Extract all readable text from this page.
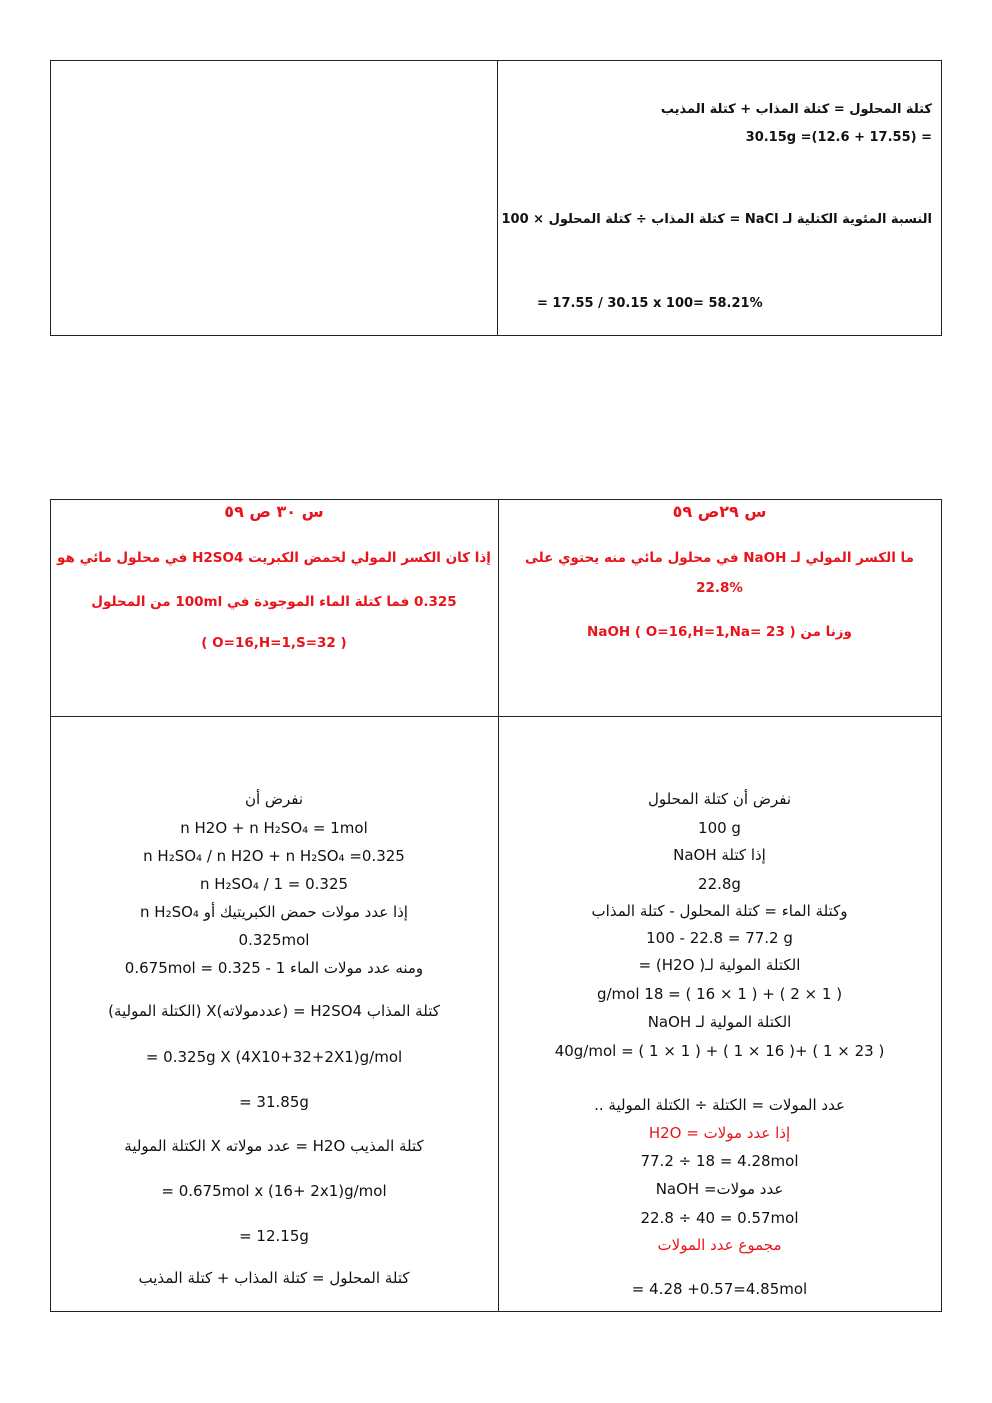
كتلة المحلول = كتلة المذاب + كتلة المذيب
= (17.55 + 12.6)= 30.15g
النسبة المئوية الكتلية لـ NaCl = كتلة المذاب ÷ كتلة المحلول × 100
= 17.55 / 30.15 x 100= 58.21%
س ٢٩ص ٥٩
ما الكسر المولي لـ NaOH في محلول مائي منه يحتوي على
22.8%
وزنا من NaOH ( O=16,H=1,Na= 23 )
س ٣٠ ص ٥٩
إذا كان الكسر المولي لحمض الكبريت H2SO4 في محلول مائي هو
0.325 فما كتلة الماء الموجودة في 100ml من المحلول
( O=16,H=1,S=32 )
نفرض أن كتلة المحلول
100 g
إذا كتلة NaOH
22.8g
وكتلة الماء = كتلة المحلول - كتلة المذاب
100 - 22.8 = 77.2 g
الكتلة المولية لـ( H2O) =
( 1 × 2 ) + ( 1 × 16 ) = 18 g/mol
الكتلة المولية لـ NaOH
( 23 × 1 ) +( 16 × 1 ) + ( 1 × 1 ) = 40g/mol
عدد المولات = الكتلة ÷ الكتلة المولية ..
إذا عدد مولات = H2O
77.2 ÷ 18 = 4.28mol
عدد مولات= NaOH
22.8 ÷ 40 = 0.57mol
مجموع عدد المولات
= 4.28 +0.57=4.85mol
نفرض أن
n H2O + n H₂SO₄ = 1mol
n H₂SO₄ / n H2O + n H₂SO₄ =0.325
n H₂SO₄ / 1 = 0.325
إذا عدد مولات حمض الكبريتيك أو n H₂SO₄
0.325mol
ومنه عدد مولات الماء 1 - 0.325 = 0.675mol
كتلة المذاب H2SO4 = (عددمولاته)X (الكتلة المولية)
= 0.325g X (4X10+32+2X1)g/mol
= 31.85g
كتلة المذيب H2O = عدد مولاته X الكتلة المولية
= 0.675mol x (16+ 2x1)g/mol
= 12.15g
كتلة المحلول = كتلة المذاب + كتلة المذيب
